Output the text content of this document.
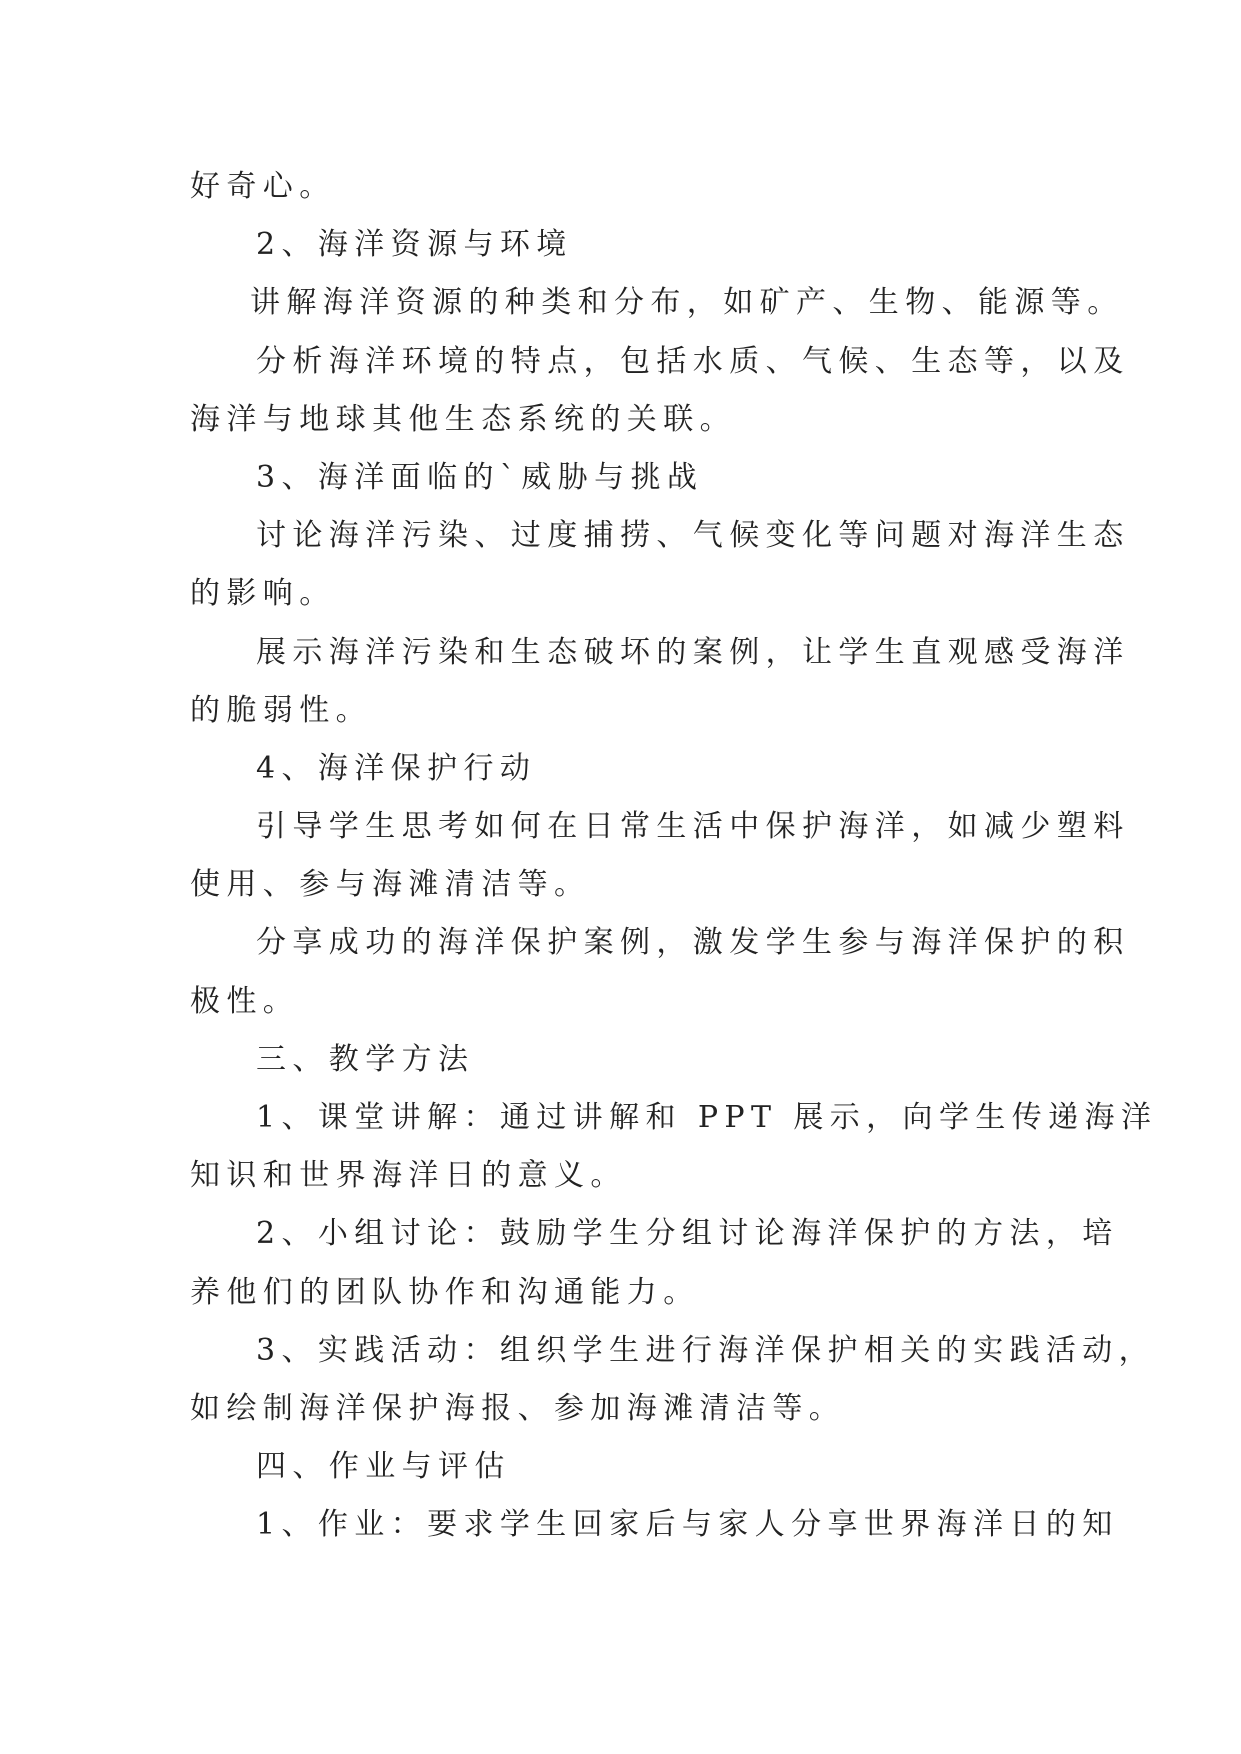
好奇心。
2、海洋资源与环境
讲解海洋资源的种类和分布，如矿产、生物、能源等。
分析海洋环境的特点，包括水质、气候、生态等，以及
海洋与地球其他生态系统的关联。
3、海洋面临的`威胁与挑战
讨论海洋污染、过度捕捞、气候变化等问题对海洋生态
的影响。
展示海洋污染和生态破坏的案例，让学生直观感受海洋
的脆弱性。
4、海洋保护行动
引导学生思考如何在日常生活中保护海洋，如减少塑料
使用、参与海滩清洁等。
分享成功的海洋保护案例，激发学生参与海洋保护的积
极性。
三、教学方法
1、课堂讲解：通过讲解和 PPT 展示，向学生传递海洋
知识和世界海洋日的意义。
2、小组讨论：鼓励学生分组讨论海洋保护的方法，培
养他们的团队协作和沟通能力。
3、实践活动：组织学生进行海洋保护相关的实践活动，
如绘制海洋保护海报、参加海滩清洁等。
四、作业与评估
1、作业：要求学生回家后与家人分享世界海洋日的知
